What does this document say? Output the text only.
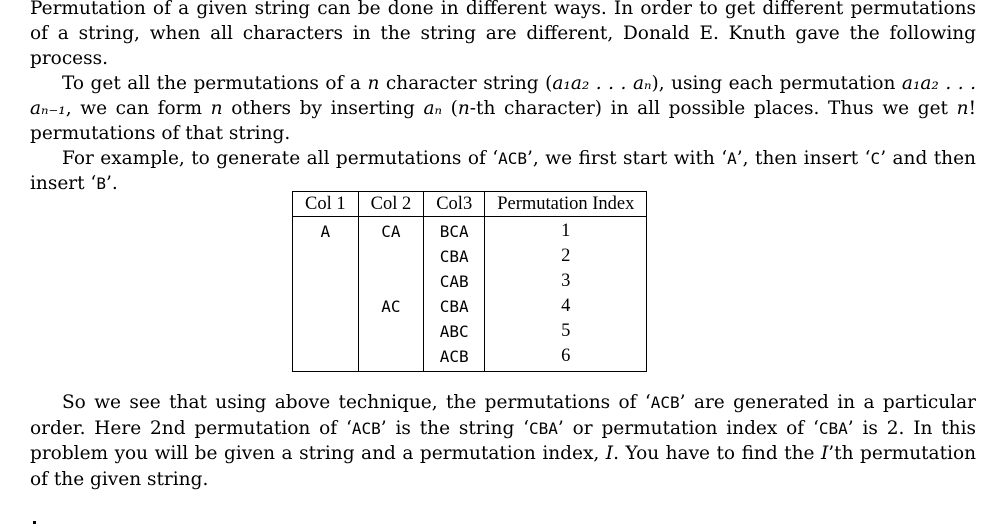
Permutation of a given string can be done in different ways. In order to get different permutations of a string, when all characters in the string are different, Donald E. Knuth gave the following process.

To get all the permutations of a n character string (a₁a₂ . . . aₙ), using each permutation a₁a₂ . . . aₙ₋₁, we can form n others by inserting aₙ (n-th character) in all possible places. Thus we get n! permutations of that string.

For example, to generate all permutations of ‘ACB’, we first start with ‘A’, then insert ‘C’ and then insert ‘B’.

Col 1	Col 2	Col3	Permutation Index
A	CA	BCA	1
		CBA	2
		CAB	3
	AC	CBA	4
		ABC	5
		ACB	6

So we see that using above technique, the permutations of ‘ACB’ are generated in a particular order. Here 2nd permutation of ‘ACB’ is the string ‘CBA’ or permutation index of ‘CBA’ is 2. In this problem you will be given a string and a permutation index, I. You have to find the I’th permutation of the given string.
